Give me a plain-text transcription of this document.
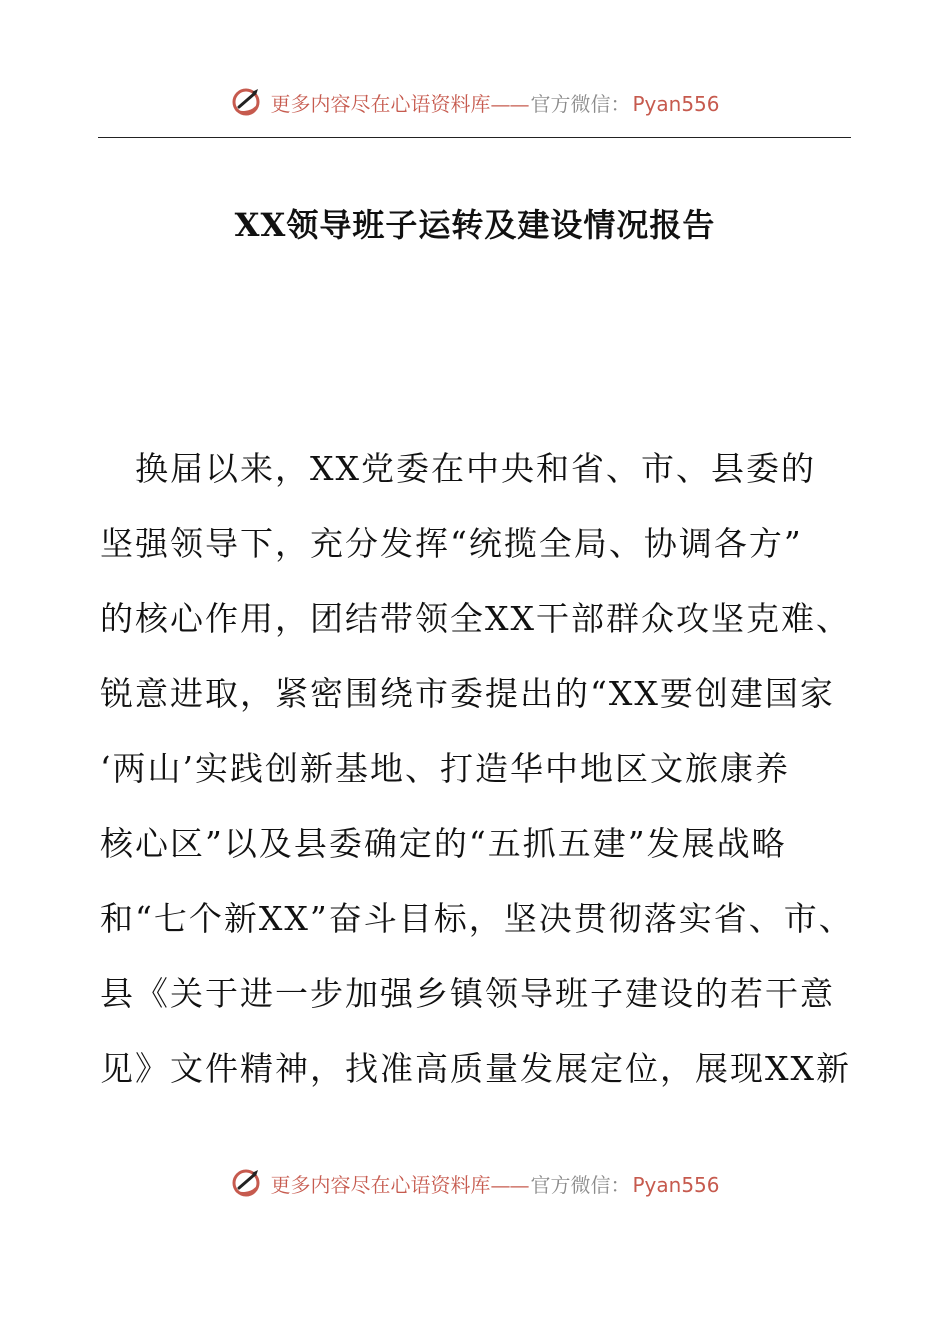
更多内容尽在心语资料库—— 官方微信： Pyan556
XX领导班子运转及建设情况报告
　换届以来，XX党委在中央和省、市、县委的
坚强领导下，充分发挥“统揽全局、协调各方”
的核心作用，团结带领全XX干部群众攻坚克难、
锐意进取，紧密围绕市委提出的“XX要创建国家
‘两山’实践创新基地、打造华中地区文旅康养
核心区”以及县委确定的“五抓五建”发展战略
和“七个新XX”奋斗目标，坚决贯彻落实省、市、
县《关于进一步加强乡镇领导班子建设的若干意
见》文件精神，找准高质量发展定位，展现XX新
更多内容尽在心语资料库—— 官方微信： Pyan556
